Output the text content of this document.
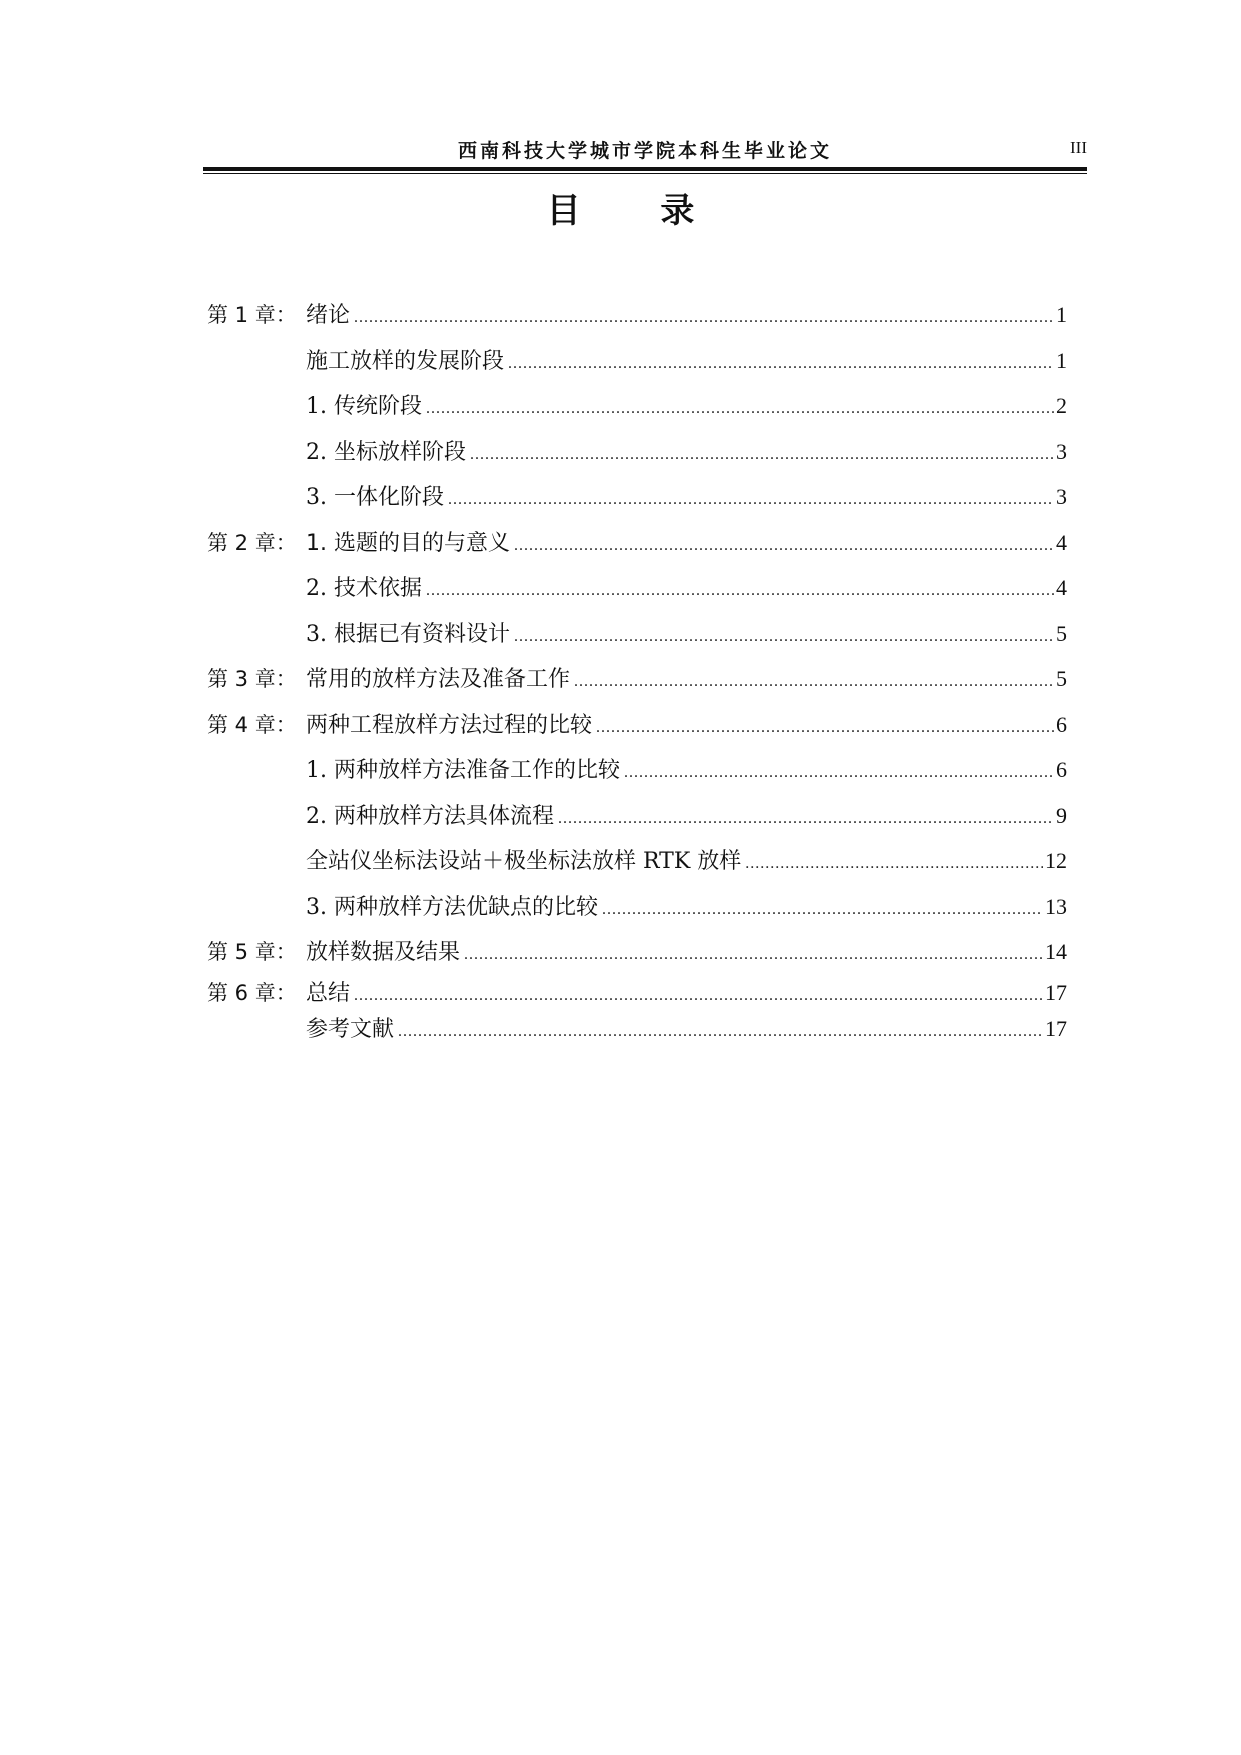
西南科技大学城市学院本科生毕业论文	III
目 录
第 1 章： 绪论 .....	1
施工放样的发展阶段 .....	1
1. 传统阶段 .....	2
2. 坐标放样阶段 .....	3
3. 一体化阶段 .....	3
第 2 章： 1. 选题的目的与意义 .....	4
2. 技术依据 .....	4
3. 根据已有资料设计 .....	5
第 3 章： 常用的放样方法及准备工作 .....	5
第 4 章： 两种工程放样方法过程的比较 .....	6
1. 两种放样方法准备工作的比较 .....	6
2. 两种放样方法具体流程 .....	9
全站仪坐标法设站＋极坐标法放样 RTK 放样 .....	12
3. 两种放样方法优缺点的比较 .....	13
第 5 章： 放样数据及结果 .....	14
第 6 章： 总结 .....	17
参考文献 .....	17
